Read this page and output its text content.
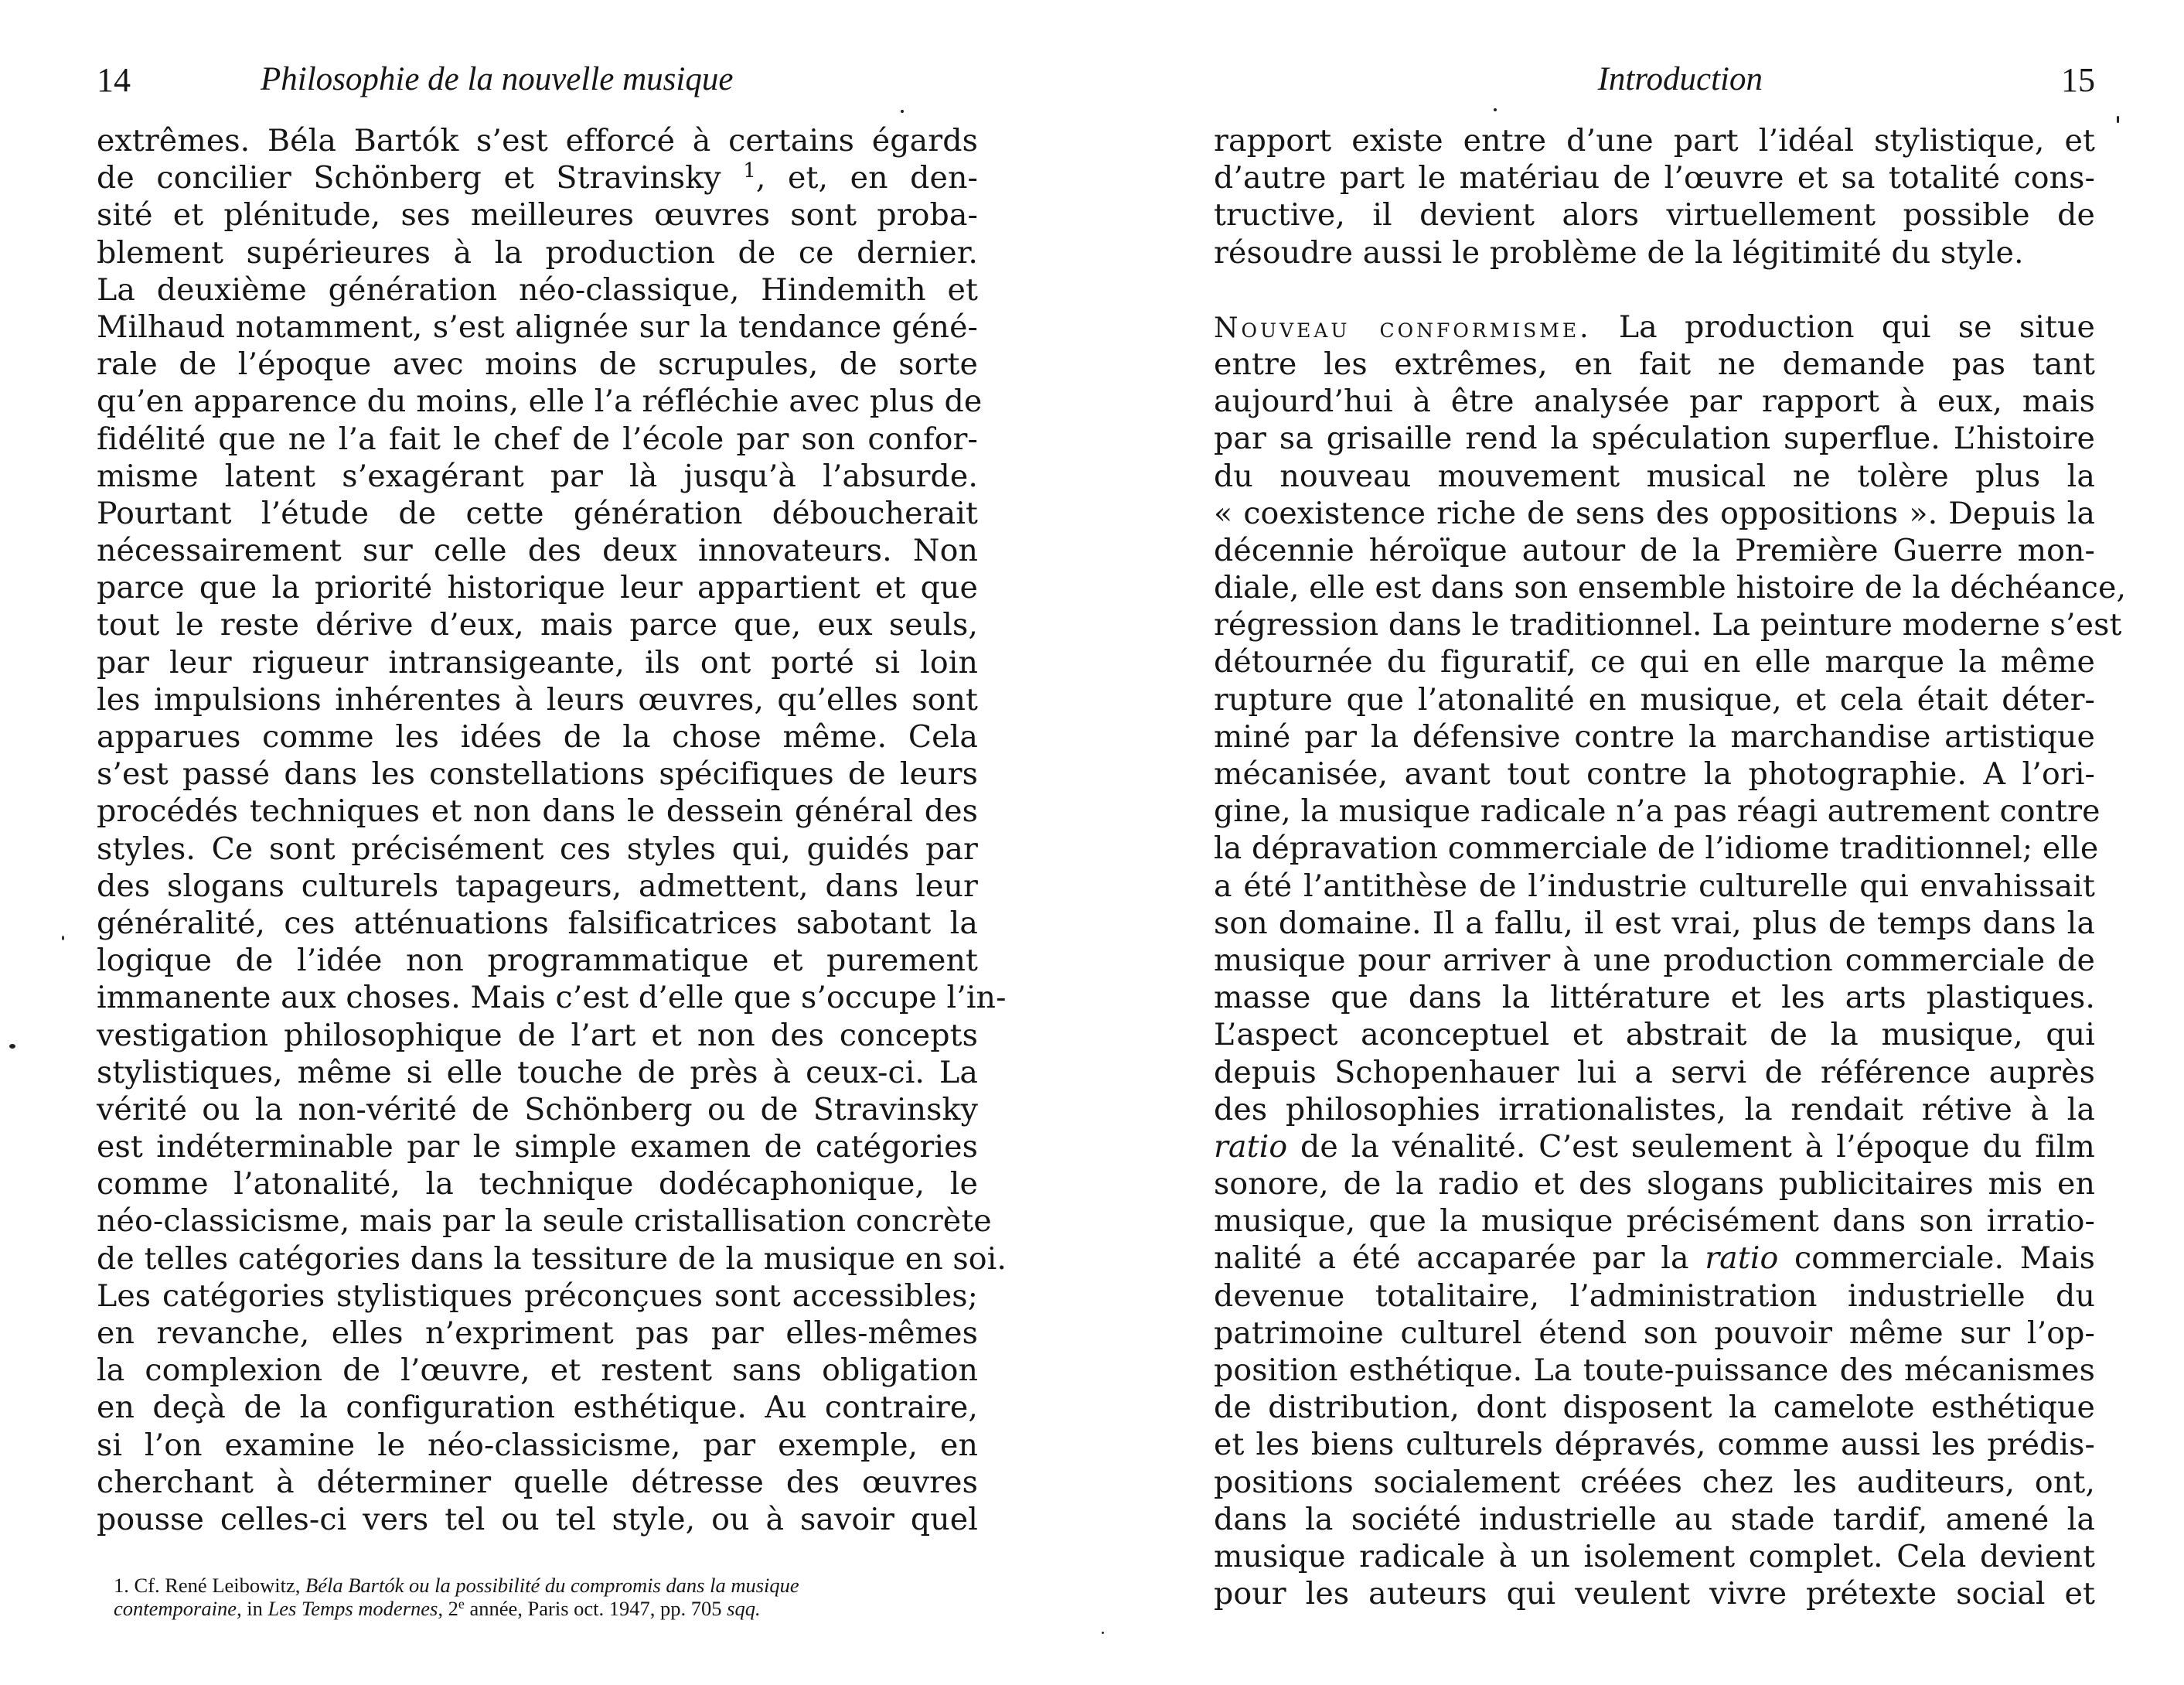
14	Philosophie de la nouvelle musique
extrêmes. Béla Bartók s’est efforcé à certains égards
de concilier Schönberg et Stravinsky $^1$, et, en den-
sité et plénitude, ses meilleures œuvres sont proba-
blement supérieures à la production de ce dernier.
La deuxième génération néo-classique, Hindemith et
Milhaud notamment, s’est alignée sur la tendance géné-
rale de l’époque avec moins de scrupules, de sorte
qu’en apparence du moins, elle l’a réfléchie avec plus de
fidélité que ne l’a fait le chef de l’école par son confor-
misme latent s’exagérant par là jusqu’à l’absurde.
Pourtant l’étude de cette génération déboucherait
nécessairement sur celle des deux innovateurs. Non
parce que la priorité historique leur appartient et que
tout le reste dérive d’eux, mais parce que, eux seuls,
par leur rigueur intransigeante, ils ont porté si loin
les impulsions inhérentes à leurs œuvres, qu’elles sont
apparues comme les idées de la chose même. Cela
s’est passé dans les constellations spécifiques de leurs
procédés techniques et non dans le dessein général des
styles. Ce sont précisément ces styles qui, guidés par
des slogans culturels tapageurs, admettent, dans leur
généralité, ces atténuations falsificatrices sabotant la
logique de l’idée non programmatique et purement
immanente aux choses. Mais c’est d’elle que s’occupe l’in-
vestigation philosophique de l’art et non des concepts
stylistiques, même si elle touche de près à ceux-ci. La
vérité ou la non-vérité de Schönberg ou de Stravinsky
est indéterminable par le simple examen de catégories
comme l’atonalité, la technique dodécaphonique, le
néo-classicisme, mais par la seule cristallisation concrète
de telles catégories dans la tessiture de la musique en soi.
Les catégories stylistiques préconçues sont accessibles;
en revanche, elles n’expriment pas par elles-mêmes
la complexion de l’œuvre, et restent sans obligation
en deçà de la configuration esthétique. Au contraire,
si l’on examine le néo-classicisme, par exemple, en
cherchant à déterminer quelle détresse des œuvres
pousse celles-ci vers tel ou tel style, ou à savoir quel
1. Cf. René Leibowitz, Béla Bartók ou la possibilité du compromis dans la musique
contemporaine, in Les Temps modernes, 2e année, Paris oct. 1947, pp. 705 sqq.
Introduction	15
rapport existe entre d’une part l’idéal stylistique, et
d’autre part le matériau de l’œuvre et sa totalité cons-
tructive, il devient alors virtuellement possible de
résoudre aussi le problème de la légitimité du style.
Nouveau conformisme. La production qui se situe
entre les extrêmes, en fait ne demande pas tant
aujourd’hui à être analysée par rapport à eux, mais
par sa grisaille rend la spéculation superflue. L’histoire
du nouveau mouvement musical ne tolère plus la
« coexistence riche de sens des oppositions ». Depuis la
décennie héroïque autour de la Première Guerre mon-
diale, elle est dans son ensemble histoire de la déchéance,
régression dans le traditionnel. La peinture moderne s’est
détournée du figuratif, ce qui en elle marque la même
rupture que l’atonalité en musique, et cela était déter-
miné par la défensive contre la marchandise artistique
mécanisée, avant tout contre la photographie. A l’ori-
gine, la musique radicale n’a pas réagi autrement contre
la dépravation commerciale de l’idiome traditionnel; elle
a été l’antithèse de l’industrie culturelle qui envahissait
son domaine. Il a fallu, il est vrai, plus de temps dans la
musique pour arriver à une production commerciale de
masse que dans la littérature et les arts plastiques.
L’aspect aconceptuel et abstrait de la musique, qui
depuis Schopenhauer lui a servi de référence auprès
des philosophies irrationalistes, la rendait rétive à la
ratio de la vénalité. C’est seulement à l’époque du film
sonore, de la radio et des slogans publicitaires mis en
musique, que la musique précisément dans son irratio-
nalité a été accaparée par la ratio commerciale. Mais
devenue totalitaire, l’administration industrielle du
patrimoine culturel étend son pouvoir même sur l’op-
position esthétique. La toute-puissance des mécanismes
de distribution, dont disposent la camelote esthétique
et les biens culturels dépravés, comme aussi les prédis-
positions socialement créées chez les auditeurs, ont,
dans la société industrielle au stade tardif, amené la
musique radicale à un isolement complet. Cela devient
pour les auteurs qui veulent vivre prétexte social et
